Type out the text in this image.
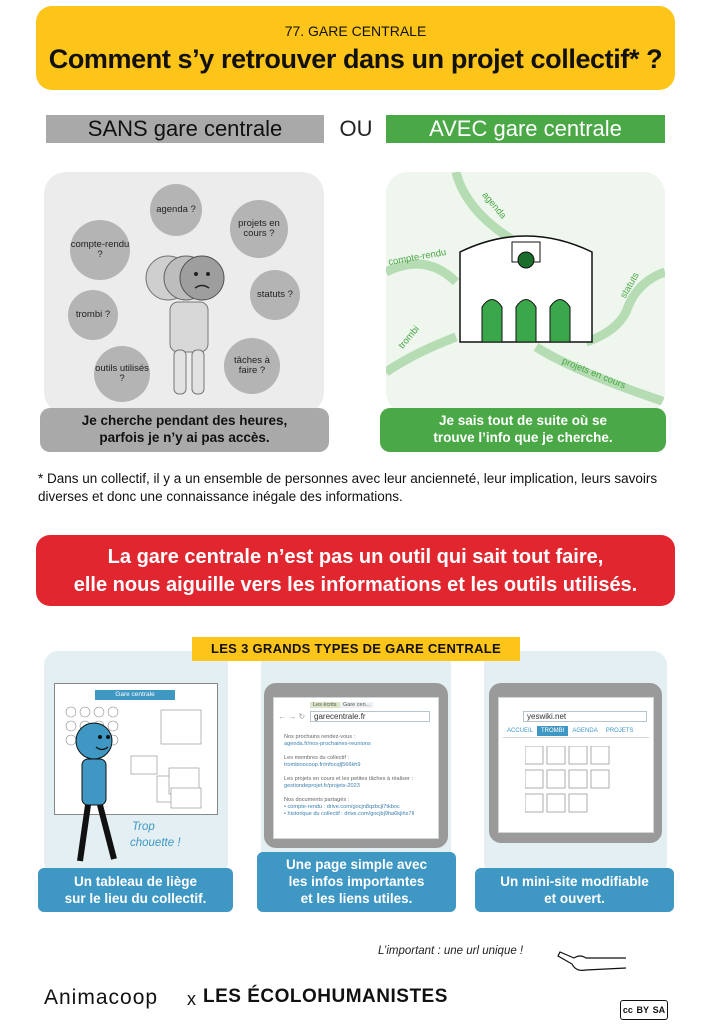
77. GARE CENTRALE
Comment s’y retrouver dans un projet collectif* ?
SANS gare centrale	OU	AVEC gare centrale
agenda ?
projets en cours ?
compte-rendu ?
statuts ?
trombi ?
outils utilisés ?
tâches à faire ?
agenda
compte-rendu
statuts
trombi
projets en cours
Je cherche pendant des heures,
parfois je n’y ai pas accès.
Je sais tout de suite où se
trouve l’info que je cherche.
* Dans un collectif, il y a un ensemble de personnes avec leur ancienneté, leur implication, leurs savoirs diverses et donc une connaissance inégale des informations.
La gare centrale n’est pas un outil qui sait tout faire,
elle nous aiguille vers les informations et les outils utilisés.
Gare centrale
Trop
chouette !
Les écrits	Gare cen...
← → ↻	garecentrale.fr
Nos prochains rendez-vous :
agenda.fr/nos-prochaines-reunions

Les membres du collectif :
trombinocoop.fr/mfocqlj566kh9

Les projets en cours et les petites tâches à réaliser :
gestiondeprojet.fr/projets-2023

Nos documents partagés :
• compte-rendu : drive.com/gocjn8qzbcjl7tkboc
• historique du collectif : drive.com/gocjbj9ha6kjihs7ll
yeswiki.net
ACCUEIL TROMBI AGENDA PROJETS
LES 3 GRANDS TYPES DE GARE CENTRALE
Un tableau de liège
sur le lieu du collectif.
Une page simple avec
les infos importantes
et les liens utiles.
Un mini-site modifiable
et ouvert.
L’important : une url unique !
Animacoop x LES ÉCOLOHUMANISTES
cc BY SA
